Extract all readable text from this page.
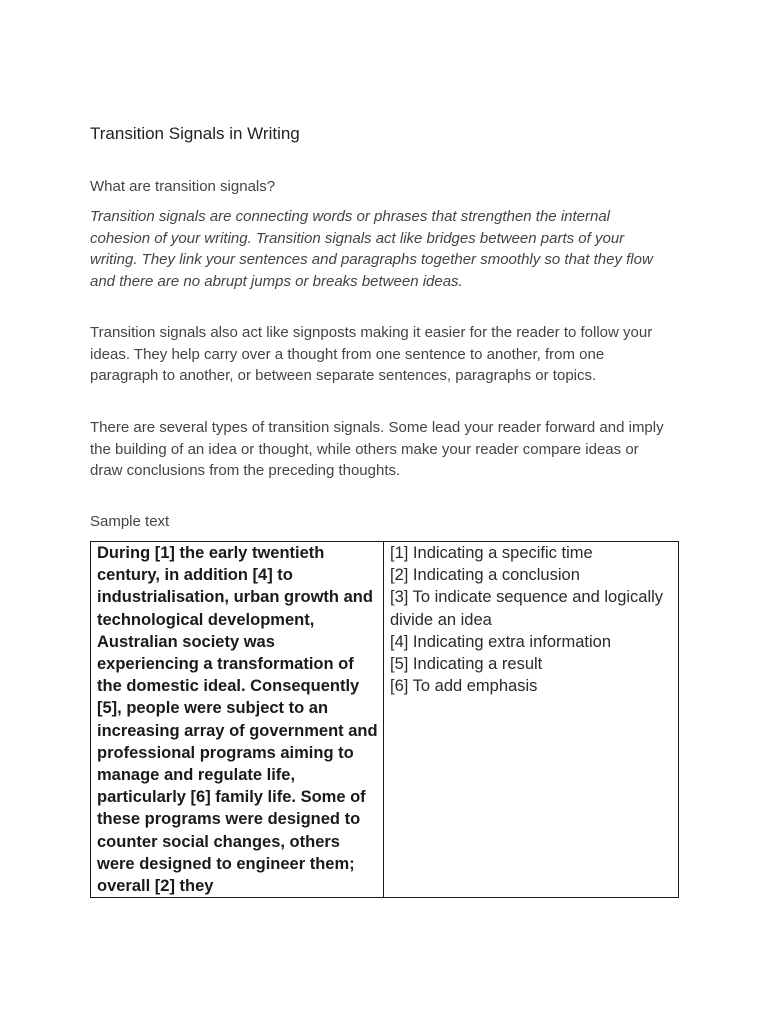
Transition Signals in Writing
What are transition signals?

Transition signals are connecting words or phrases that strengthen the internal cohesion of your writing. Transition signals act like bridges between parts of your writing. They link your sentences and paragraphs together smoothly so that they flow and there are no abrupt jumps or breaks between ideas.

Transition signals also act like signposts making it easier for the reader to follow your ideas. They help carry over a thought from one sentence to another, from one paragraph to another, or between separate sentences, paragraphs or topics.

There are several types of transition signals. Some lead your reader forward and imply the building of an idea or thought, while others make your reader compare ideas or draw conclusions from the preceding thoughts.

Sample text
During [1] the early twentieth century, in addition [4] to industrialisation, urban growth and technological development, Australian society was experiencing a transformation of the domestic ideal. Consequently [5], people were subject to an increasing array of government and professional programs aiming to manage and regulate life, particularly [6] family life. Some of these programs were designed to counter social changes, others were designed to engineer them; overall [2] they
[1] Indicating a specific time
[2] Indicating a conclusion
[3] To indicate sequence and logically divide an idea
[4] Indicating extra information
[5] Indicating a result
[6] To add emphasis
